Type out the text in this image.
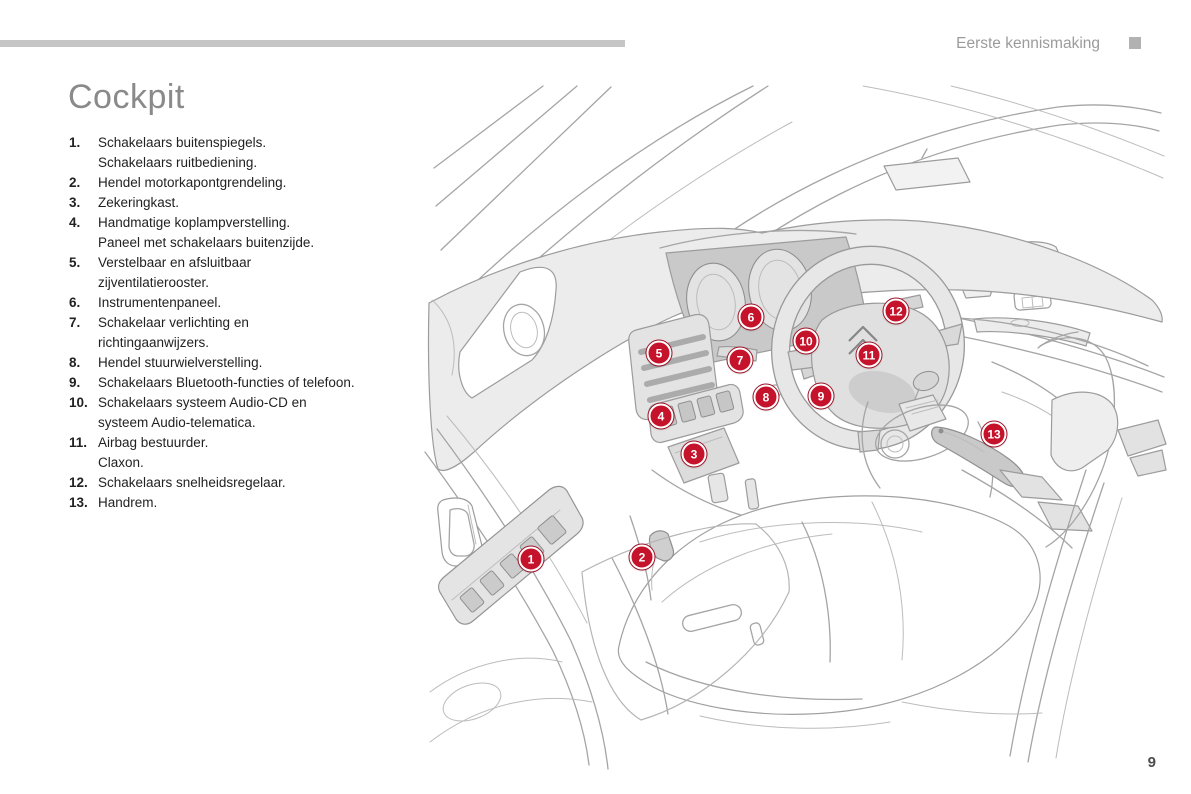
Eerste kennismaking
Cockpit
1.	Schakelaars buitenspiegels.
Schakelaars ruitbediening.
2.	Hendel motorkapontgrendeling.
3.	Zekeringkast.
4.	Handmatige koplampverstelling.
Paneel met schakelaars buitenzijde.
5.	Verstelbaar en afsluitbaar
zijventilatierooster.
6.	Instrumentenpaneel.
7.	Schakelaar verlichting en
richtingaanwijzers.
8.	Hendel stuurwielverstelling.
9.	Schakelaars Bluetooth-functies of telefoon.
10. Schakelaars systeem Audio-CD en
systeem Audio-telematica.
11. Airbag bestuurder.
Claxon.
12. Schakelaars snelheidsregelaar.
13. Handrem.
1	2
3
4
5
6
7
8	9
10
11
12
13
9
